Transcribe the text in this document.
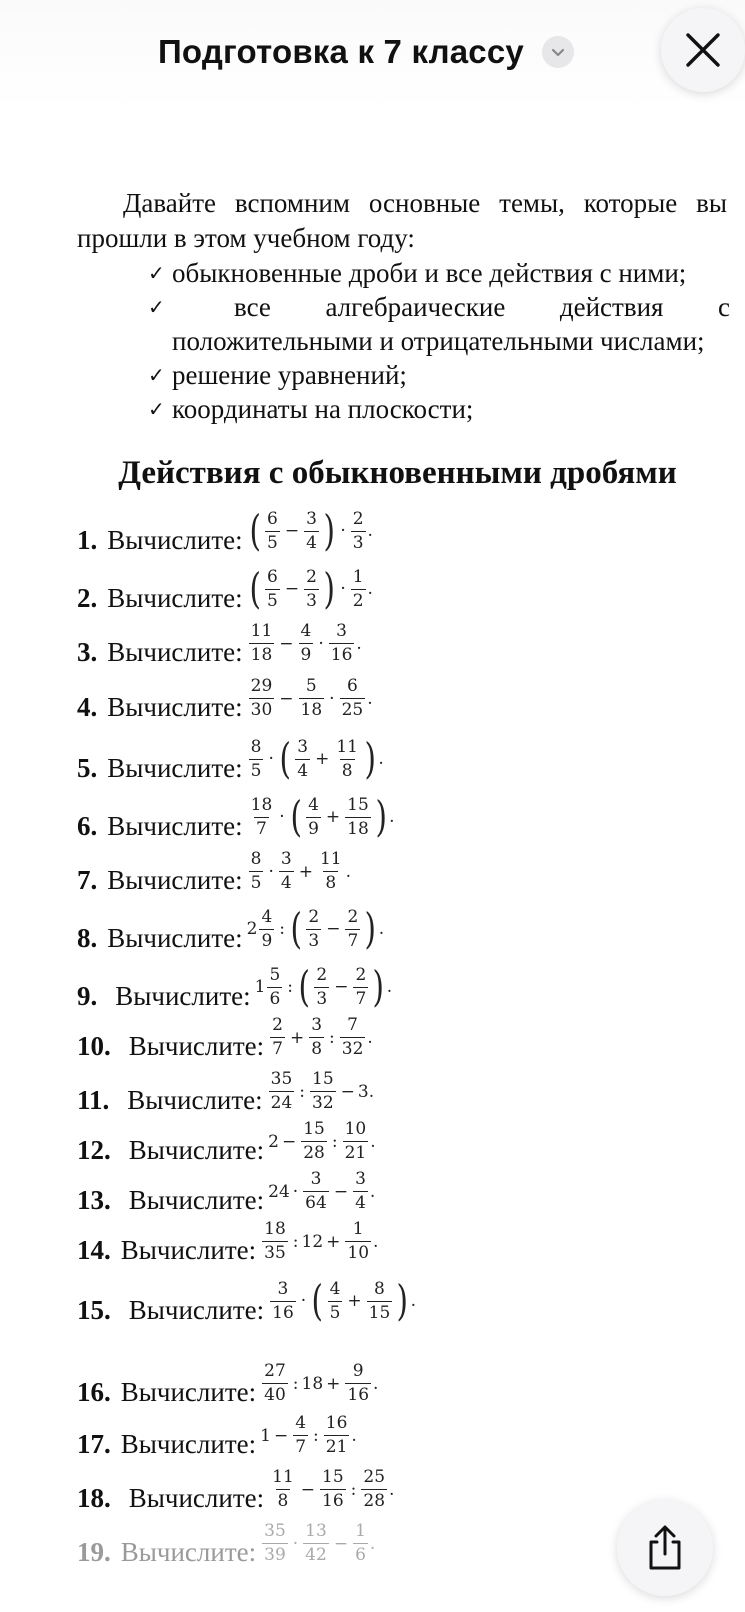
Подготовка к 7 классу

Давайте вспомним основные темы, которые вы прошли в этом учебном году:

✓ обыкновенные дроби и все действия с ними;
✓	все алгебраические действия с положительными и отрицательными числами;
✓ решение уравнений;
✓ координаты на плоскости;
Действия с обыкновенными дробями
1. Вычислите: ( $\frac{6}{5} - \frac{3}{4}$ ) · $\frac{2}{3}$ .
2. Вычислите: ( $\frac{6}{5} - \frac{2}{3}$ ) · $\frac{1}{2}$ .
3. Вычислите: $\frac{11}{18} - \frac{4}{9} \cdot \frac{3}{16}$ .
4. Вычислите: $\frac{29}{30} - \frac{5}{18} \cdot \frac{6}{25}$ .
5. Вычислите: $\frac{8}{5}$ · ( $\frac{3}{4} + \frac{11}{8}$ ) .
6. Вычислите: $\frac{18}{7}$ · ( $\frac{4}{9} + \frac{15}{18}$ ) .
7. Вычислите: $\frac{8}{5} \cdot \frac{3}{4} + \frac{11}{8}$ .
8. Вычислите: $2 \frac{4}{9}$ : ( $\frac{2}{3} - \frac{2}{7}$ ) .
9. Вычислите: $1 \frac{5}{6}$ : ( $\frac{2}{3} - \frac{2}{7}$ ) .
10. Вычислите: $\frac{2}{7} + \frac{3}{8}$ : $\frac{7}{32}$ .
11. Вычислите: $\frac{35}{24}$ : $\frac{15}{32} - 3$.
12. Вычислите: $2 - \frac{15}{28}$ : $\frac{10}{21}$ .
13. Вычислите: $24 \cdot \frac{3}{64} - \frac{3}{4}$ .
14. Вычислите: $\frac{18}{35}$ : $12 + \frac{1}{10}$ .
15. Вычислите: $\frac{3}{16}$ · ( $\frac{4}{5} + \frac{8}{15}$ ) .
16. Вычислите: $\frac{27}{40}$ : $18 + \frac{9}{16}$ .
17. Вычислите: $1 - \frac{4}{7}$ : $\frac{16}{21}$ .
18. Вычислите: $\frac{11}{8} - \frac{15}{16}$ : $\frac{25}{28}$ .
19. Вычислите: $\frac{35}{39} \cdot \frac{13}{42} - \frac{1}{6}$ .
